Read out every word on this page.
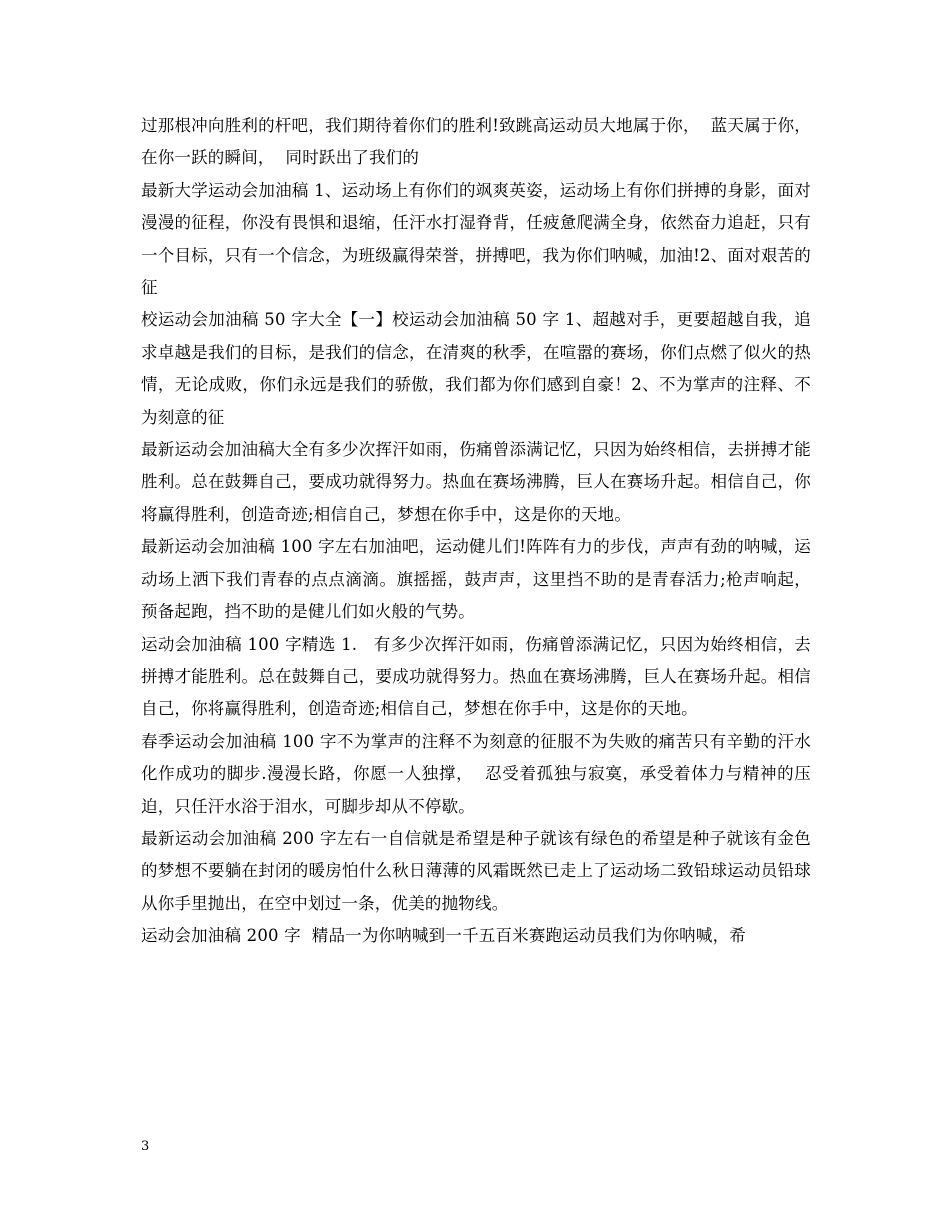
过那根冲向胜利的杆吧，我们期待着你们的胜利!致跳高运动员大地属于你，  蓝天属于你，  在你一跃的瞬间，  同时跃出了我们的

最新大学运动会加油稿 1、运动场上有你们的飒爽英姿，运动场上有你们拼搏的身影，面对漫漫的征程，你没有畏惧和退缩，任汗水打湿脊背，任疲惫爬满全身，依然奋力追赶，只有一个目标，只有一个信念，为班级赢得荣誉，拼搏吧，我为你们呐喊，加油!2、面对艰苦的征

校运动会加油稿 50 字大全【一】校运动会加油稿 50 字 1、超越对手，更要超越自我，追求卓越是我们的目标，是我们的信念，在清爽的秋季，在喧嚣的赛场，你们点燃了似火的热情，无论成败，你们永远是我们的骄傲，我们都为你们感到自豪！2、不为掌声的注释、不为刻意的征

最新运动会加油稿大全有多少次挥汗如雨，伤痛曾添满记忆，只因为始终相信，去拼搏才能胜利。总在鼓舞自己，要成功就得努力。热血在赛场沸腾，巨人在赛场升起。相信自己，你将赢得胜利，创造奇迹;相信自己，梦想在你手中，这是你的天地。

最新运动会加油稿 100 字左右加油吧，运动健儿们!阵阵有力的步伐，声声有劲的呐喊，运动场上洒下我们青春的点点滴滴。旗摇摇，鼓声声，这里挡不助的是青春活力;枪声响起，预备起跑，挡不助的是健儿们如火般的气势。

运动会加油稿 100 字精选 1.   有多少次挥汗如雨，伤痛曾添满记忆，只因为始终相信，去拼搏才能胜利。总在鼓舞自己，要成功就得努力。热血在赛场沸腾，巨人在赛场升起。相信自己，你将赢得胜利，创造奇迹;相信自己，梦想在你手中，这是你的天地。

春季运动会加油稿 100 字不为掌声的注释不为刻意的征服不为失败的痛苦只有辛勤的汗水化作成功的脚步.漫漫长路，你愿一人独撑，  忍受着孤独与寂寞，承受着体力与精神的压迫，只任汗水浴于泪水，可脚步却从不停歇。

最新运动会加油稿 200 字左右一自信就是希望是种子就该有绿色的希望是种子就该有金色的梦想不要躺在封闭的暖房怕什么秋日薄薄的风霜既然已走上了运动场二致铅球运动员铅球从你手里抛出，在空中划过一条，优美的抛物线。

运动会加油稿 200 字  精品一为你呐喊到一千五百米赛跑运动员我们为你呐喊，希

3
